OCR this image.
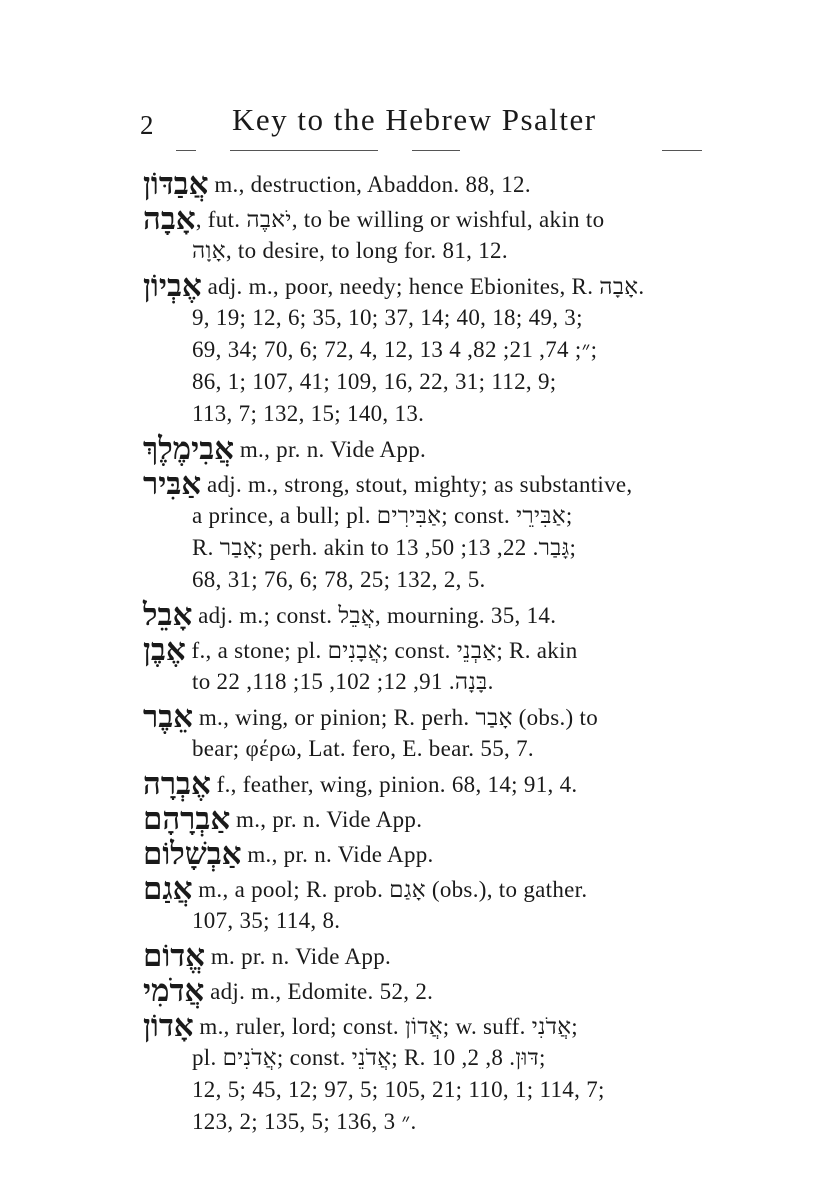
2	Key to the Hebrew Psalter
אֲבַדּוֹן m., destruction, Abaddon. 88, 12.
אָבָה, fut. יֹאבֶה, to be willing or wishful, akin to
אָוָה, to desire, to long for. 81, 12.
אֶבְיוֹן adj. m., poor, needy; hence Ebionites, R. אָבָה.
9, 19; 12, 6; 35, 10; 37, 14; 40, 18; 49, 3;
69, 34; 70, 6; 72, 4, 12, 13 ״; 74, 21; 82, 4;
86, 1; 107, 41; 109, 16, 22, 31; 112, 9;
113, 7; 132, 15; 140, 13.
אֲבִימֶלֶךְ m., pr. n. Vide App.
אַבִּיר adj. m., strong, stout, mighty; as substantive,
a prince, a bull; pl. אַבִּירִים; const. אַבִּירֵי;
R. אָבַר; perh. akin to גָּבַר. 22, 13; 50, 13;
68, 31; 76, 6; 78, 25; 132, 2, 5.
אָבֵל adj. m.; const. אֲבֵל, mourning. 35, 14.
אֶבֶן f., a stone; pl. אֲבָנִים; const. אַבְנֵי; R. akin
to בָּנָה. 91, 12; 102, 15; 118, 22.
אֵבֶר m., wing, or pinion; R. perh. אָבַר (obs.) to
bear; φέρω, Lat. fero, E. bear. 55, 7.
אֶבְרָה f., feather, wing, pinion. 68, 14; 91, 4.
אַבְרָהָם m., pr. n. Vide App.
אַבְשָׁלוֹם m., pr. n. Vide App.
אֲגַם m., a pool; R. prob. אָגַם (obs.), to gather.
107, 35; 114, 8.
אֱדוֹם m. pr. n. Vide App.
אֲדֹמִי adj. m., Edomite. 52, 2.
אָדוֹן m., ruler, lord; const. אֲדוֹן; w. suff. אֲדֹנִי;
pl. אֲדֹנִים; const. אֲדֹנֵי; R. דּוּן. 8, 2, 10;
12, 5; 45, 12; 97, 5; 105, 21; 110, 1; 114, 7;
123, 2; 135, 5; 136, 3 ״.
